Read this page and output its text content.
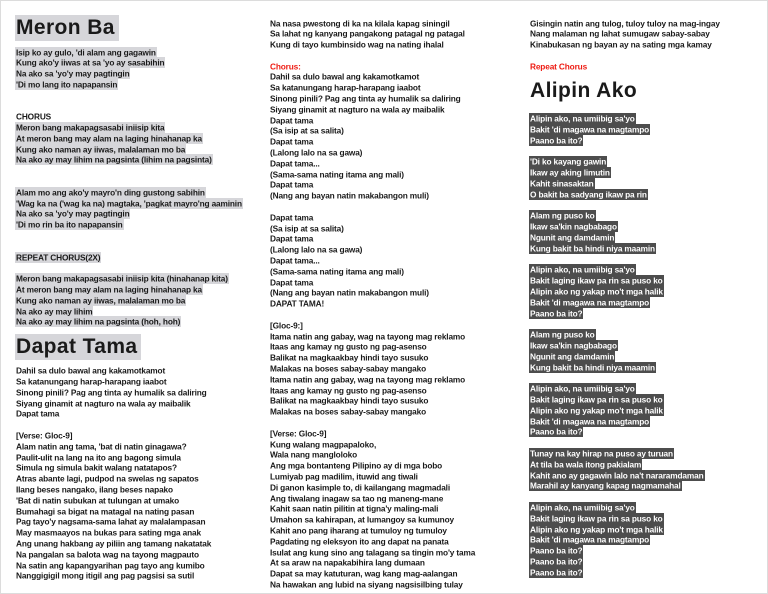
Meron Ba
Isip ko ay gulo, 'di alam ang gagawin
Kung ako'y iiwas at sa 'yo ay sasabihin
Na ako sa 'yo'y may pagtingin
'Di mo lang ito napapansin
CHORUS
Meron bang makapagsasabi iniisip kita
At meron bang may alam na laging hinahanap ka
Kung ako naman ay iiwas, malalaman mo ba
Na ako ay may lihim na pagsinta (lihim na pagsinta)
Alam mo ang ako'y mayro'n ding gustong sabihin
'Wag ka na ('wag ka na) magtaka, 'pagkat mayro'ng aaminin
Na ako sa 'yo'y may pagtingin
'Di mo rin ba ito napapansin
REPEAT CHORUS(2X)
Meron bang makapagsasabi iniisip kita (hinahanap kita)
At meron bang may alam na laging hinahanap ka
Kung ako naman ay iiwas, malalaman mo ba
Na ako ay may lihim
Na ako ay may lihim na pagsinta (hoh, hoh)
Dapat Tama
Dahil sa dulo bawal ang kakamotkamot
Sa katanungang harap-harapang iaabot
Sinong pinili? Pag ang tinta ay humalik sa daliring
Siyang ginamit at nagturo na wala ay maibalik
Dapat tama
[Verse: Gloc-9]
Alam natin ang tama, 'bat di natin ginagawa?
Paulit-ulit na lang na ito ang bagong simula
Simula ng simula bakit walang natatapos?
Atras abante lagi, pudpod na swelas ng sapatos
Ilang beses nangako, ilang beses napako
'Bat di natin subukan at tulungan at umako
Bumahagi sa bigat na matagal na nating pasan
Pag tayo'y nagsama-sama lahat ay malalampasan
May masmaayos na bukas para sating mga anak
Ang unang hakbang ay piliin ang tamang nakatatak
Na pangalan sa balota wag na tayong magpauto
Na satin ang kapangyarihan pag tayo ang kumibo
Nanggigigil mong itigil ang pag pagsisi sa sutil
Na nasa pwestong di ka na kilala kapag siningil
Sa lahat ng kanyang pangakong patagal ng patagal
Kung di tayo kumbinsido wag na nating ihalal
Chorus:
Dahil sa dulo bawal ang kakamotkamot
Sa katanungang harap-harapang iaabot
Sinong pinili? Pag ang tinta ay humalik sa daliring
Siyang ginamit at nagturo na wala ay maibalik
Dapat tama
(Sa isip at sa salita)
Dapat tama
(Lalong lalo na sa gawa)
Dapat tama...
(Sama-sama nating itama ang mali)
Dapat tama
(Nang ang bayan natin makabangon muli)
Dapat tama
(Sa isip at sa salita)
Dapat tama
(Lalong lalo na sa gawa)
Dapat tama...
(Sama-sama nating itama ang mali)
Dapat tama
(Nang ang bayan natin makabangon muli)
DAPAT TAMA!
[Gloc-9:]
Itama natin ang gabay, wag na tayong mag reklamo
Itaas ang kamay ng gusto ng pag-asenso
Balikat na magkaakbay hindi tayo susuko
Malakas na boses sabay-sabay mangako
Itama natin ang gabay, wag na tayong mag reklamo
Itaas ang kamay ng gusto ng pag-asenso
Balikat na magkaakbay hindi tayo susuko
Malakas na boses sabay-sabay mangako
[Verse: Gloc-9]
Kung walang magpapaloko,
Wala nang mangloloko
Ang mga bontanteng Pilipino ay di mga bobo
Lumiyab pag madilim, ituwid ang tiwali
Di ganon kasimple to, di kailangang magmadali
Ang tiwalang inagaw sa tao ng maneng-mane
Kahit saan natin pilitin at tigna'y maling-mali
Umahon sa kahirapan, at lumangoy sa kumunoy
Kahit ano pang iharang at tumuloy ng tumuloy
Pagdating ng eleksyon ito ang dapat na panata
Isulat ang kung sino ang talagang sa tingin mo'y tama
At sa araw na napakabihira lang dumaan
Dapat sa may katuturan, wag kang mag-aalangan
Na hawakan ang lubid na siyang nagsisilbing tulay
Gisingin natin ang tulog, tuloy tuloy na mag-ingay
Nang malaman ng lahat sumugaw sabay-sabay
Kinabukasan ng bayan ay na sating mga kamay
Repeat Chorus
Alipin Ako
Alipin ako, na umiibig sa'yo
Bakit 'di magawa na magtampo
Paano ba ito?
'Di ko kayang gawin
Ikaw ay aking limutin
Kahit sinasaktan
O bakit ba sadyang ikaw pa rin
Alam ng puso ko
Ikaw sa'kin nagbabago
Ngunit ang damdamin
Kung bakit ba hindi niya maamin
Alipin ako, na umiibig sa'yo
Bakit laging ikaw pa rin sa puso ko
Alipin ako ng yakap mo't mga halik
Bakit 'di magawa na magtampo
Paano ba ito?
Alam ng puso ko
Ikaw sa'kin nagbabago
Ngunit ang damdamin
Kung bakit ba hindi niya maamin
Alipin ako, na umiibig sa'yo
Bakit laging ikaw pa rin sa puso ko
Alipin ako ng yakap mo't mga halik
Bakit 'di magawa na magtampo
Paano ba ito?
Tunay na kay hirap na puso ay turuan
At tila ba wala itong pakialam
Kahit ano ay gagawin lalo na't nararamdaman
Marahil ay kanyang kapag nagmamahal
Alipin ako, na umiibig sa'yo
Bakit laging ikaw pa rin sa puso ko
Alipin ako ng yakap mo't mga halik
Bakit 'di magawa na magtampo
Paano ba ito?
Paano ba ito?
Paano ba ito?
